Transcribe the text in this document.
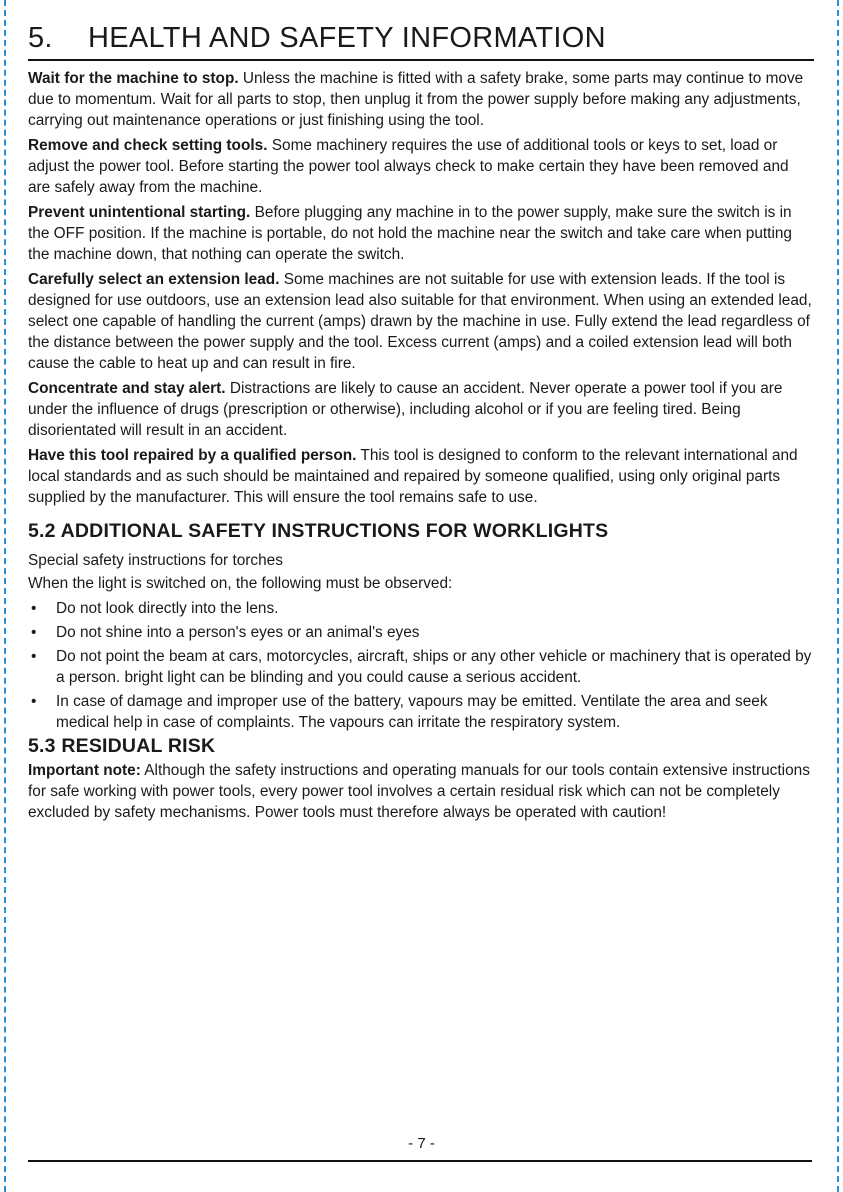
5. HEALTH AND SAFETY INFORMATION

Wait for the machine to stop. Unless the machine is fitted with a safety brake, some parts may continue to move due to momentum. Wait for all parts to stop, then unplug it from the power supply before making any adjustments, carrying out maintenance operations or just finishing using the tool.

Remove and check setting tools. Some machinery requires the use of additional tools or keys to set, load or adjust the power tool. Before starting the power tool always check to make certain they have been removed and are safely away from the machine.

Prevent unintentional starting. Before plugging any machine in to the power supply, make sure the switch is in the OFF position. If the machine is portable, do not hold the machine near the switch and take care when putting the machine down, that nothing can operate the switch.

Carefully select an extension lead. Some machines are not suitable for use with extension leads. If the tool is designed for use outdoors, use an extension lead also suitable for that environment. When using an extended lead, select one capable of handling the current (amps) drawn by the machine in use. Fully extend the lead regardless of the distance between the power supply and the tool. Excess current (amps) and a coiled extension lead will both cause the cable to heat up and can result in fire.

Concentrate and stay alert. Distractions are likely to cause an accident. Never operate a power tool if you are under the influence of drugs (prescription or otherwise), including alcohol or if you are feeling tired. Being disorientated will result in an accident.

Have this tool repaired by a qualified person. This tool is designed to conform to the relevant international and local standards and as such should be maintained and repaired by someone qualified, using only original parts supplied by the manufacturer. This will ensure the tool remains safe to use.

5.2 ADDITIONAL SAFETY INSTRUCTIONS FOR WORKLIGHTS
Special safety instructions for torches
When the light is switched on, the following must be observed:
• Do not look directly into the lens.
• Do not shine into a person's eyes or an animal's eyes
• Do not point the beam at cars, motorcycles, aircraft, ships or any other vehicle or machinery that is operated by a person. bright light can be blinding and you could cause a serious accident.
• In case of damage and improper use of the battery, vapours may be emitted. Ventilate the area and seek medical help in case of complaints. The vapours can irritate the respiratory system.
5.3 RESIDUAL RISK

Important note: Although the safety instructions and operating manuals for our tools contain extensive instructions for safe working with power tools, every power tool involves a certain residual risk which can not be completely excluded by safety mechanisms. Power tools must therefore always be operated with caution!

- 7 -
